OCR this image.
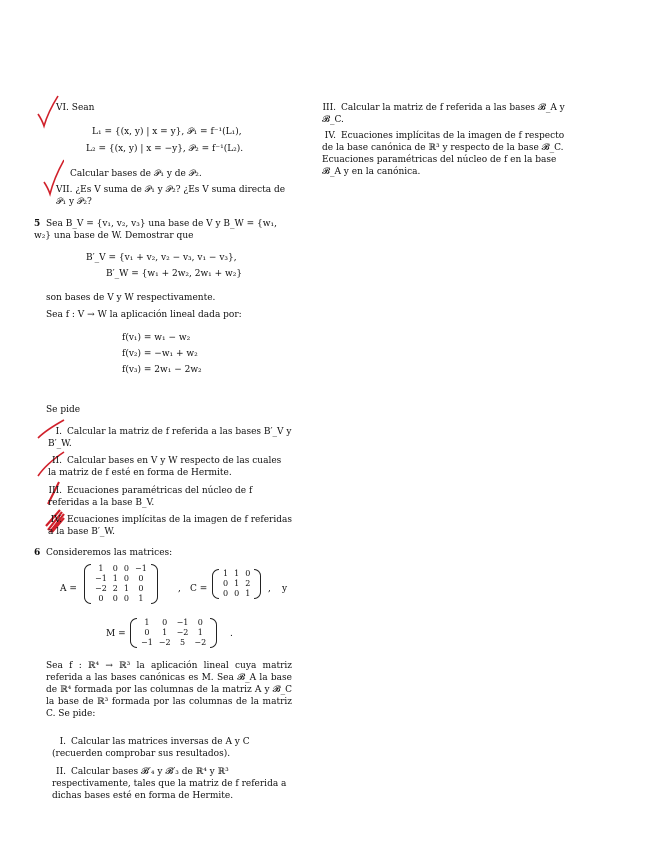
VI. Sean
L₁ = {(x, y) | x = y}, 𝒫₁ = f⁻¹(L₁),
L₂ = {(x, y) | x = −y}, 𝒫₂ = f⁻¹(L₂).
Calcular bases de 𝒫₁ y de 𝒫₂.
VII. ¿Es V suma de 𝒫₁ y 𝒫₂? ¿Es V suma directa de 𝒫₁ y 𝒫₂?
5 Sea B_V = {v₁, v₂, v₃} una base de V y B_W = {w₁, w₂} una base de W. Demostrar que
B′_V = {v₁ + v₂, v₂ − v₃, v₁ − v₃},
B′_W = {w₁ + 2w₂, 2w₁ + w₂}
son bases de V y W respectivamente.
Sea f : V → W la aplicación lineal dada por:
f(v₁) = w₁ − w₂
f(v₂) = −w₁ + w₂
f(v₃) = 2w₁ − 2w₂
Se pide
I. Calcular la matriz de f referida a las bases B′_V y B′_W.
II. Calcular bases en V y W respecto de las cuales la matriz de f esté en forma de Hermite.
III. Ecuaciones paramétricas del núcleo de f referidas a la base B_V.
IV. Ecuaciones implícitas de la imagen de f referidas a la base B′_W.
6 Consideremos las matrices:
A =
1	0	0	−1
−1	1	0	0
−2	2	1	0
0	0	0	1
, C =
1	1	0
0	1	2
0	0	1 , y
M =
1	0	−1	0
0	1	−2	1
−1	−2	5	−2
.
Sea f : ℝ⁴ → ℝ³ la aplicación lineal cuya matriz referida a las bases canónicas es M. Sea 𝓑_A la base de ℝ⁴ formada por las columnas de la matriz A y 𝓑_C la base de ℝ³ formada por las columnas de la matriz C. Se pide:
I. Calcular las matrices inversas de A y C (recuerden comprobar sus resultados).
II. Calcular bases 𝓑′₄ y 𝓑′₃ de ℝ⁴ y ℝ³ respectivamente, tales que la matriz de f referida a dichas bases esté en forma de Hermite.
III. Calcular la matriz de f referida a las bases 𝓑_A y 𝓑_C.
IV. Ecuaciones implícitas de la imagen de f respecto de la base canónica de ℝ³ y respecto de la base 𝓑_C. Ecuaciones paramétricas del núcleo de f en la base 𝓑_A y en la canónica.
